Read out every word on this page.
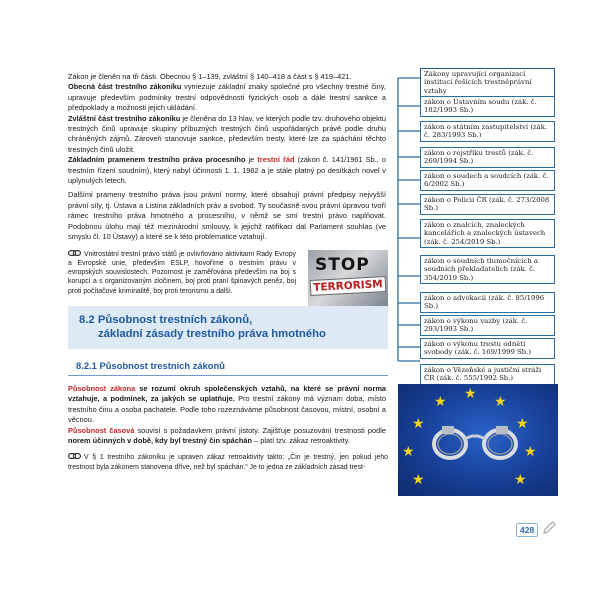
Zákon je členěn na tři části. Obecnou § 1–139, zvláštní § 140–418 a část s § 419–421.

Obecná část trestního zákoníku vymezuje základní znaky společné pro všechny trestné činy, upravuje především podmínky trestní odpovědnosti fyzických osob a dále trestní sankce a předpoklady a možnosti jejich ukládání.

Zvláštní část trestního zákoníku je členěna do 13 hlav, ve kterých podle tzv. druhového objektu trestných činů upravuje skupiny příbuzných trestných činů uspořádaných právě podle druhu chráněných zájmů. Zároveň stanovuje sankce, především tresty, které lze za spáchání těchto trestných činů uložit.

Základním pramenem trestního práva procesního je trestní řád (zákon č. 141/1961 Sb., o trestním řízení soudním), který nabyl účinnosti 1. 1. 1962 a je stále platný po desítkách novel v uplynulých letech.

Dalšími prameny trestního práva jsou právní normy, které obsahují právní předpisy nejvyšší právní síly, tj. Ústava a Listina základních práv a svobod. Ty současně svou právní úpravou tvoří rámec trestního práva hmotného a procesního, v němž se smí trestní právo naplňovat. Podobnou úlohu mají též mezinárodní smlouvy, k jejichž ratifikaci dal Parlament souhlas (ve smyslu čl. 10 Ústavy) a které se k této problematice vztahují.

Vnitrostátní trestní právo států je ovlivňováno aktivitami Rady Evropy a Evropské unie, především ESLP, hovoříme o trestním právu v evropských souvislostech. Pozornost je zaměřována především na boj s korupcí a s organizovaným zločinem, boj proti praní špinavých peněz, boj proti počítačové kriminalitě, boj proti terorismu a další.

STOP
TERRORISM
8.2 Působnost trestních zákonů,
základní zásady trestního práva hmotného
8.2.1 Působnost trestních zákonů

Působnost zákona se rozumí okruh společenských vztahů, na které se právní norma vztahuje, a podmínek, za jakých se uplatňuje. Pro trestní zákony má význam doba, místo trestního činu a osoba pachatele. Podle toho rozeznáváme působnost časovou, místní, osobní a věcnou.

Působnost časová souvisí s požadavkem právní jistoty. Zajišťuje posuzování trestnosti podle norem účinných v době, kdy byl trestný čin spáchán – platí tzv. zákaz retroaktivity.

V § 1 trestního zákoníku je upraven zákaz retroaktivity takto: „Čin je trestný, jen pokud jeho trestnost byla zákonem stanovena dříve, než byl spáchán.“ Je to jedna ze základních zásad trest-

Zákony upravující organizací institucí řešících trestněprávní vztahy
zákon o Ústavním soudu (zák. č. 182/1993 Sb.)
zákon o státním zastupitelství (zák. č. 283/1993 Sb.)
zákon o rejstříku trestů (zák. č. 269/1994 Sb.)
zákon o soudech a soudcích (zák. č. 6/2002 Sb.)
zákon o Policii ČR (zák. č. 273/2008 Sb.)
zákon o znalcích, znaleckých kancelářích a znaleckých ústavech (zák. č. 254/2019 Sb.)
zákon o soudních tlumočnících a soudních překladatelích (zák. č. 354/2019 Sb.)
zákon o advokacii (zák. č. 85/1996 Sb.)
zákon o výkonu vazby (zák. č. 293/1993 Sb.)
zákon o výkonu trestu odnětí svobody (zák. č. 169/1999 Sb.)
zákon o Vězeňské a justiční stráži ČR (zák. č. 555/1992 Sb.)
★ ★
★
★
★
★
★
★
★
428
